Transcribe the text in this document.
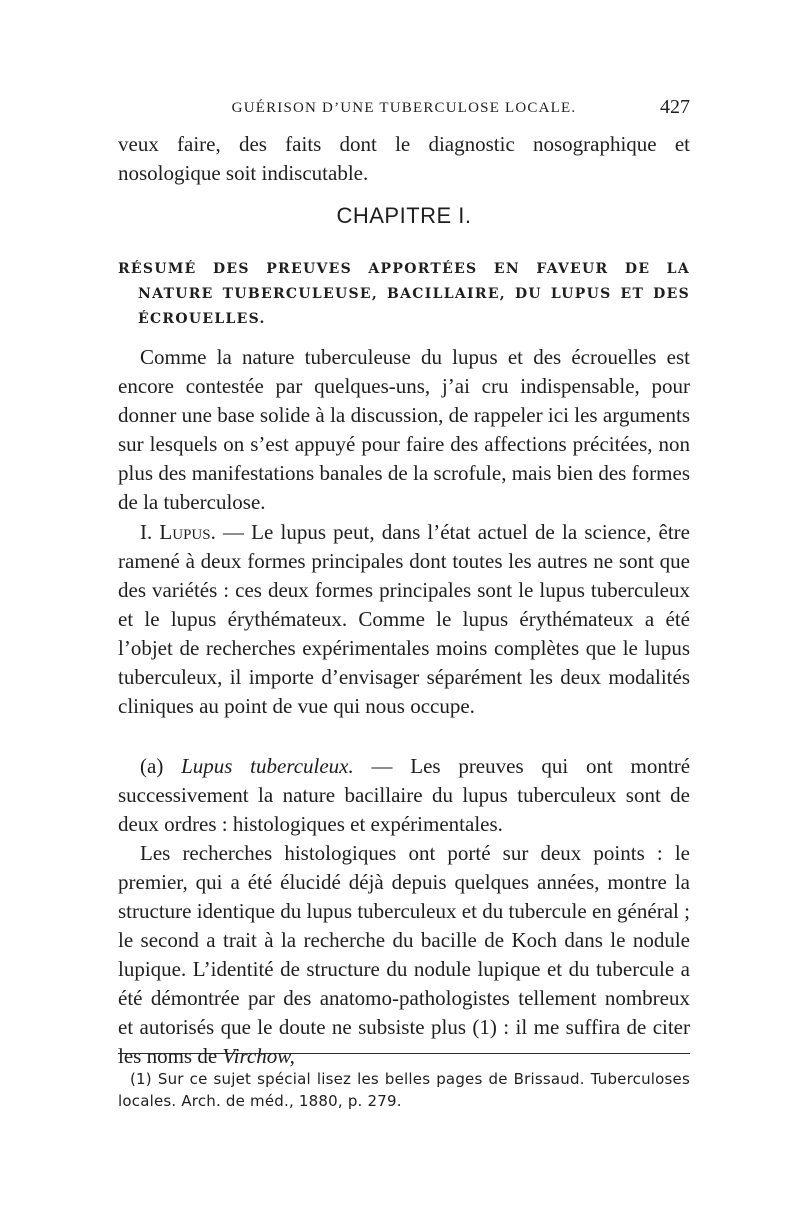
GUÉRISON D’UNE TUBERCULOSE LOCALE.	427

veux faire, des faits dont le diagnostic nosographique et nosologique soit indiscutable.

CHAPITRE I.
RÉSUMÉ DES PREUVES APPORTÉES EN FAVEUR DE LA NATURE TUBERCULEUSE, BACILLAIRE, DU LUPUS ET DES ÉCROUELLES.

Comme la nature tuberculeuse du lupus et des écrouelles est encore contestée par quelques-uns, j’ai cru indispensable, pour donner une base solide à la discussion, de rappeler ici les arguments sur lesquels on s’est appuyé pour faire des affections précitées, non plus des manifestations banales de la scrofule, mais bien des formes de la tuberculose.

I. Lupus. — Le lupus peut, dans l’état actuel de la science, être ramené à deux formes principales dont toutes les autres ne sont que des variétés : ces deux formes principales sont le lupus tuberculeux et le lupus érythémateux. Comme le lupus érythémateux a été l’objet de recherches expérimentales moins complètes que le lupus tuberculeux, il importe d’envisager séparément les deux modalités cliniques au point de vue qui nous occupe.

(a) Lupus tuberculeux. — Les preuves qui ont montré successivement la nature bacillaire du lupus tuberculeux sont de deux ordres : histologiques et expérimentales.

Les recherches histologiques ont porté sur deux points : le premier, qui a été élucidé déjà depuis quelques années, montre la structure identique du lupus tuberculeux et du tubercule en général ; le second a trait à la recherche du bacille de Koch dans le nodule lupique. L’identité de structure du nodule lupique et du tubercule a été démontrée par des anatomo-pathologistes tellement nombreux et autorisés que le doute ne subsiste plus (1) : il me suffira de citer les noms de Virchow,

(1) Sur ce sujet spécial lisez les belles pages de Brissaud. Tuberculoses locales. Arch. de méd., 1880, p. 279.
